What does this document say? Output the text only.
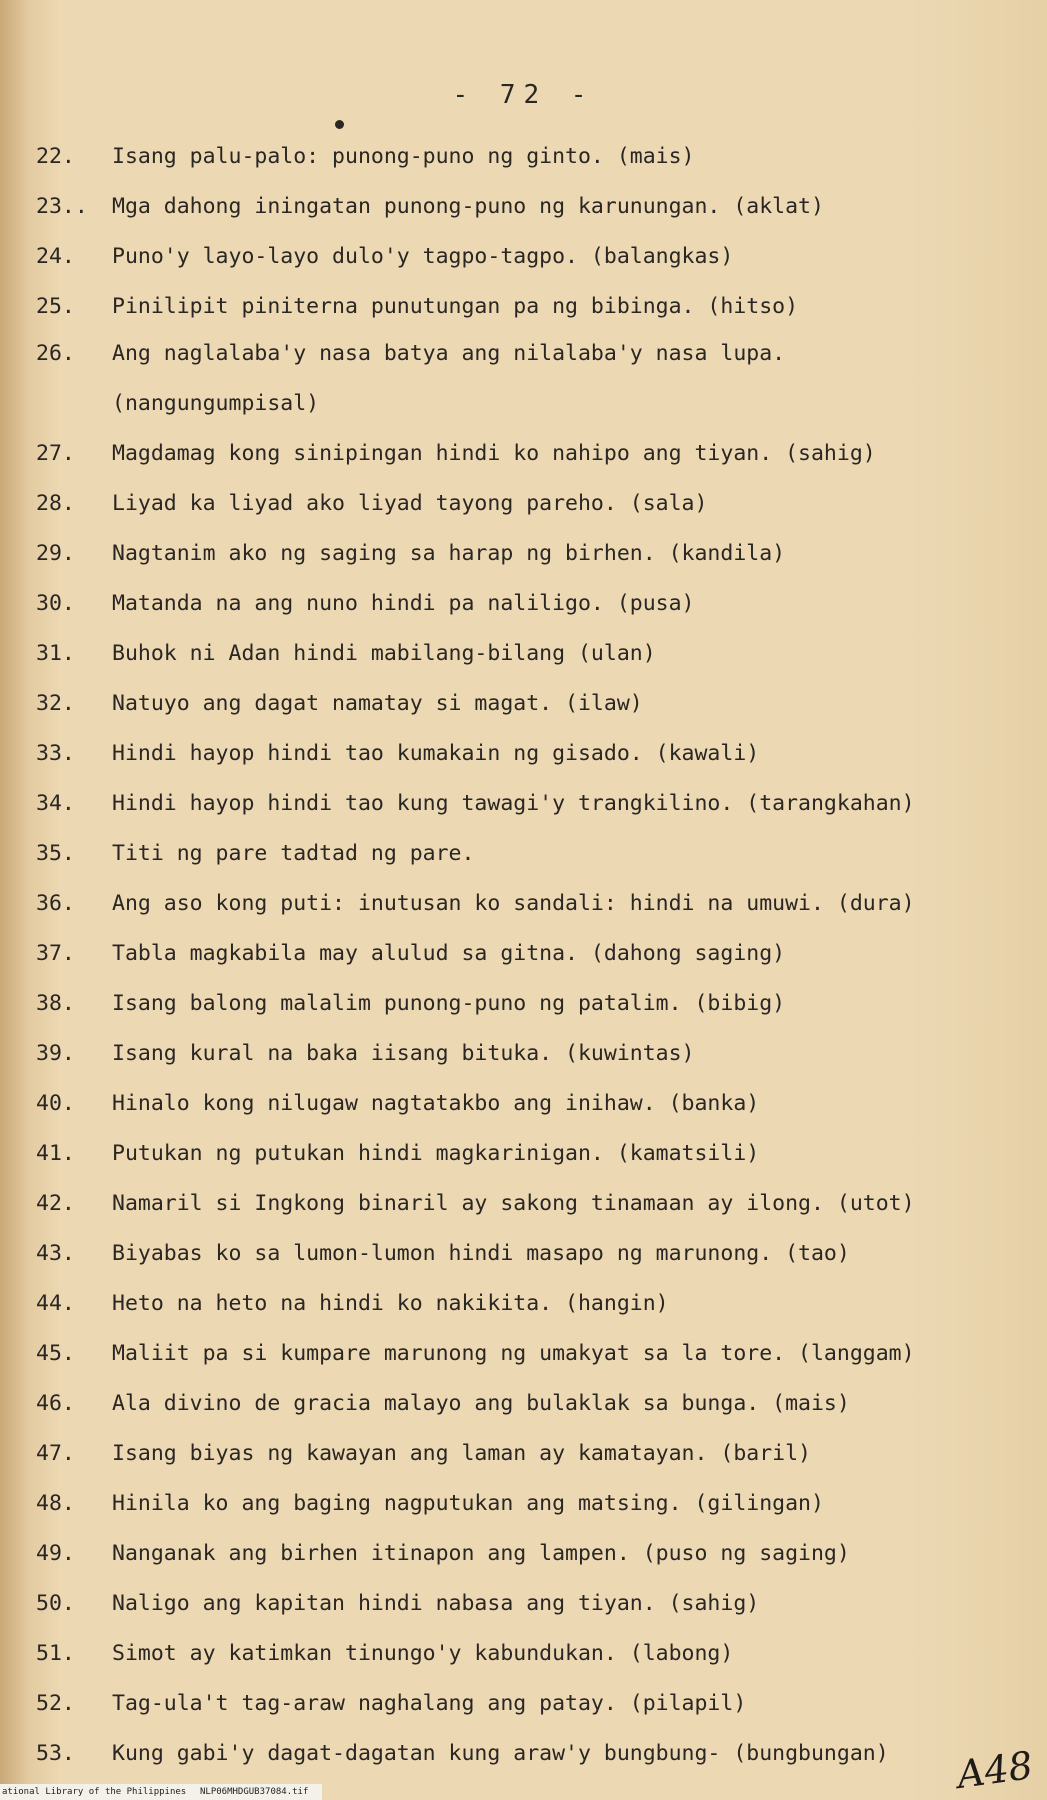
- 72 -
22. Isang palu-palo: punong-puno ng ginto. (mais)
23.. Mga dahong iningatan punong-puno ng karunungan. (aklat)
24. Puno'y layo-layo dulo'y tagpo-tagpo. (balangkas)
25. Pinilipit piniterna punutungan pa ng bibinga. (hitso)
26. Ang naglalaba'y nasa batya ang nilalaba'y nasa lupa.
(nangungumpisal)
27. Magdamag kong sinipingan hindi ko nahipo ang tiyan. (sahig)
28. Liyad ka liyad ako liyad tayong pareho. (sala)
29. Nagtanim ako ng saging sa harap ng birhen. (kandila)
30. Matanda na ang nuno hindi pa naliligo. (pusa)
31. Buhok ni Adan hindi mabilang-bilang (ulan)
32. Natuyo ang dagat namatay si magat. (ilaw)
33. Hindi hayop hindi tao kumakain ng gisado. (kawali)
34. Hindi hayop hindi tao kung tawagi'y trangkilino. (tarangkahan)
35. Titi ng pare tadtad ng pare.
36. Ang aso kong puti: inutusan ko sandali: hindi na umuwi. (dura)
37. Tabla magkabila may alulud sa gitna. (dahong saging)
38. Isang balong malalim punong-puno ng patalim. (bibig)
39. Isang kural na baka iisang bituka. (kuwintas)
40. Hinalo kong nilugaw nagtatakbo ang inihaw. (banka)
41. Putukan ng putukan hindi magkarinigan. (kamatsili)
42. Namaril si Ingkong binaril ay sakong tinamaan ay ilong. (utot)
43. Biyabas ko sa lumon-lumon hindi masapo ng marunong. (tao)
44. Heto na heto na hindi ko nakikita. (hangin)
45. Maliit pa si kumpare marunong ng umakyat sa la tore. (langgam)
46. Ala divino de gracia malayo ang bulaklak sa bunga. (mais)
47. Isang biyas ng kawayan ang laman ay kamatayan. (baril)
48. Hinila ko ang baging nagputukan ang matsing. (gilingan)
49. Nanganak ang birhen itinapon ang lampen. (puso ng saging)
50. Naligo ang kapitan hindi nabasa ang tiyan. (sahig)
51. Simot ay katimkan tinungo'y kabundukan. (labong)
52. Tag-ula't tag-araw naghalang ang patay. (pilapil)
53. Kung gabi'y dagat-dagatan kung araw'y bungbung- (bungbungan)
ational Library of the Philippines	NLP06MHDGUB37084.tif	A48
